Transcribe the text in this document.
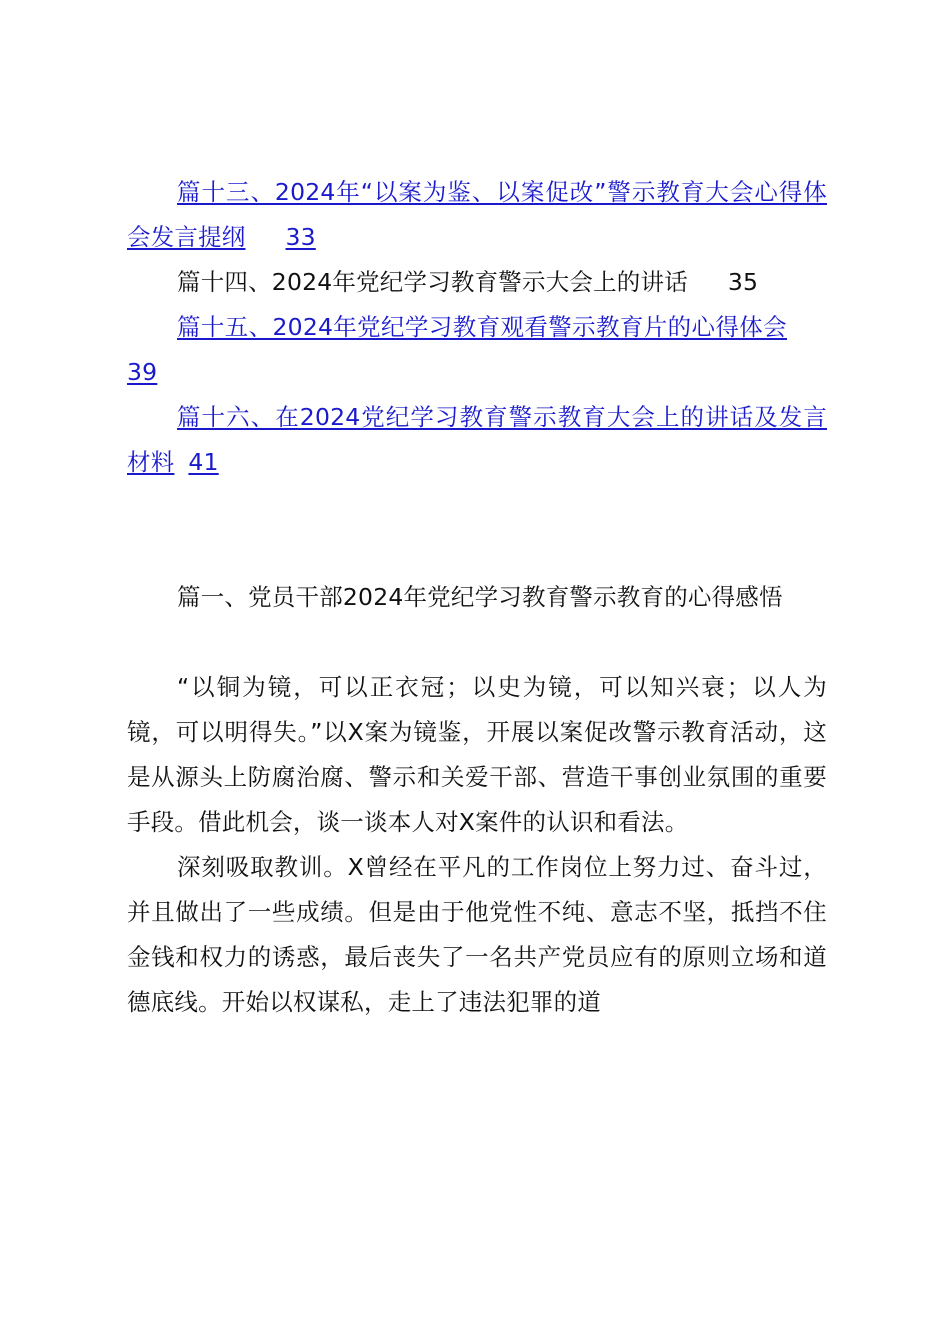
篇十三、2024年“以案为鉴、以案促改”警示教育大会心得体会发言提纲 33
篇十四、2024年党纪学习教育警示大会上的讲话 35
篇十五、2024年党纪学习教育观看警示教育片的心得体会39
篇十六、在2024党纪学习教育警示教育大会上的讲话及发言材料 41

篇一、党员干部2024年党纪学习教育警示教育的心得感悟

“以铜为镜，可以正衣冠；以史为镜，可以知兴衰；以人为镜，可以明得失。”以X案为镜鉴，开展以案促改警示教育活动，这是从源头上防腐治腐、警示和关爱干部、营造干事创业氛围的重要手段。借此机会，谈一谈本人对X案件的认识和看法。

深刻吸取教训。X曾经在平凡的工作岗位上努力过、奋斗过，并且做出了一些成绩。但是由于他党性不纯、意志不坚，抵挡不住金钱和权力的诱惑，最后丧失了一名共产党员应有的原则立场和道德底线。开始以权谋私，走上了违法犯罪的道
